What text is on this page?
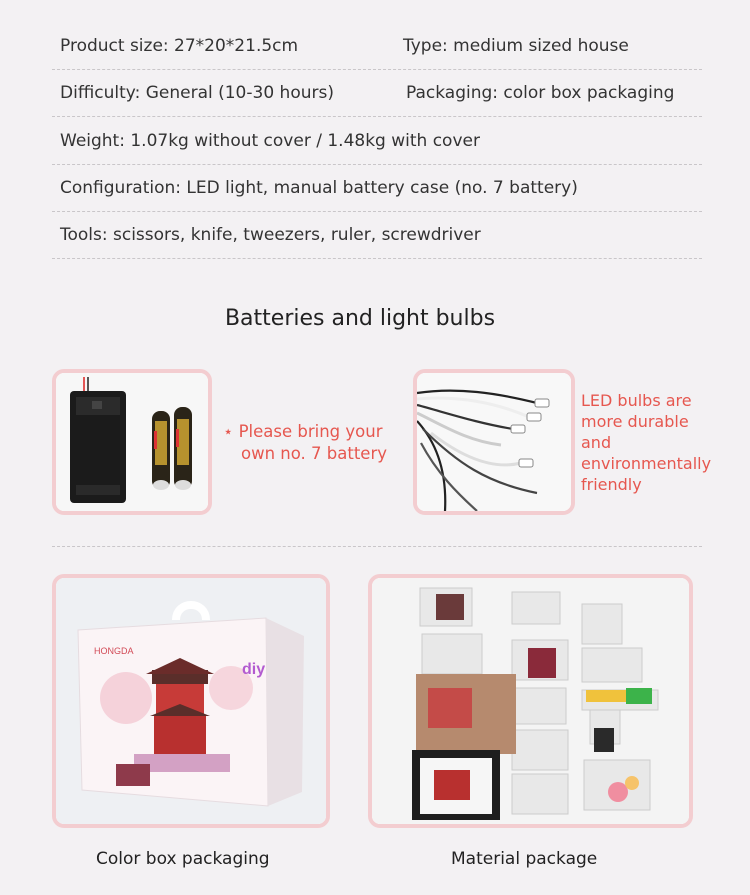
Product size: 27*20*21.5cm	Type: medium sized house
Difficulty: General (10-30 hours)	Packaging: color box packaging
Weight: 1.07kg without cover / 1.48kg with cover
Configuration: LED light, manual battery case (no. 7 battery)
Tools: scissors, knife, tweezers, ruler, screwdriver
Batteries and light bulbs
⋆ Please bring your
own no. 7 battery
LED bulbs are
more durable
and
environmentally
friendly
HONGDA
diy
Color box packaging	Material package
